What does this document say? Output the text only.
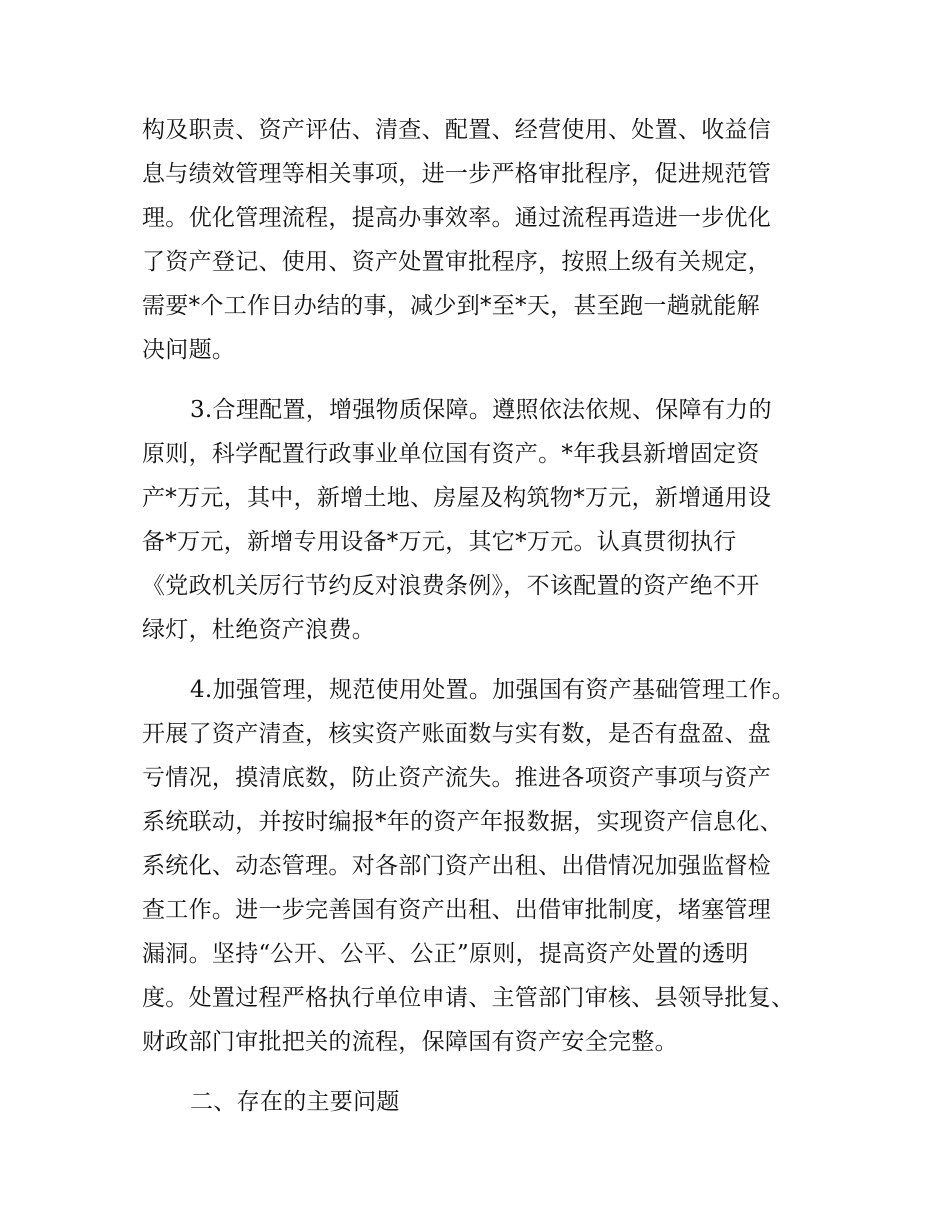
构及职责、资产评估、清查、配置、经营使用、处置、收益信
息与绩效管理等相关事项，进一步严格审批程序，促进规范管
理。优化管理流程，提高办事效率。通过流程再造进一步优化
了资产登记、使用、资产处置审批程序，按照上级有关规定，
需要*个工作日办结的事，减少到*至*天，甚至跑一趟就能解
决问题。
3.合理配置，增强物质保障。遵照依法依规、保障有力的
原则，科学配置行政事业单位国有资产。*年我县新增固定资
产*万元，其中，新增土地、房屋及构筑物*万元，新增通用设
备*万元，新增专用设备*万元，其它*万元。认真贯彻执行
《党政机关厉行节约反对浪费条例》，不该配置的资产绝不开
绿灯，杜绝资产浪费。
4.加强管理，规范使用处置。加强国有资产基础管理工作。
开展了资产清查，核实资产账面数与实有数，是否有盘盈、盘
亏情况，摸清底数，防止资产流失。推进各项资产事项与资产
系统联动，并按时编报*年的资产年报数据，实现资产信息化、
系统化、动态管理。对各部门资产出租、出借情况加强监督检
查工作。进一步完善国有资产出租、出借审批制度，堵塞管理
漏洞。坚持“公开、公平、公正”原则，提高资产处置的透明
度。处置过程严格执行单位申请、主管部门审核、县领导批复、
财政部门审批把关的流程，保障国有资产安全完整。
二、存在的主要问题
